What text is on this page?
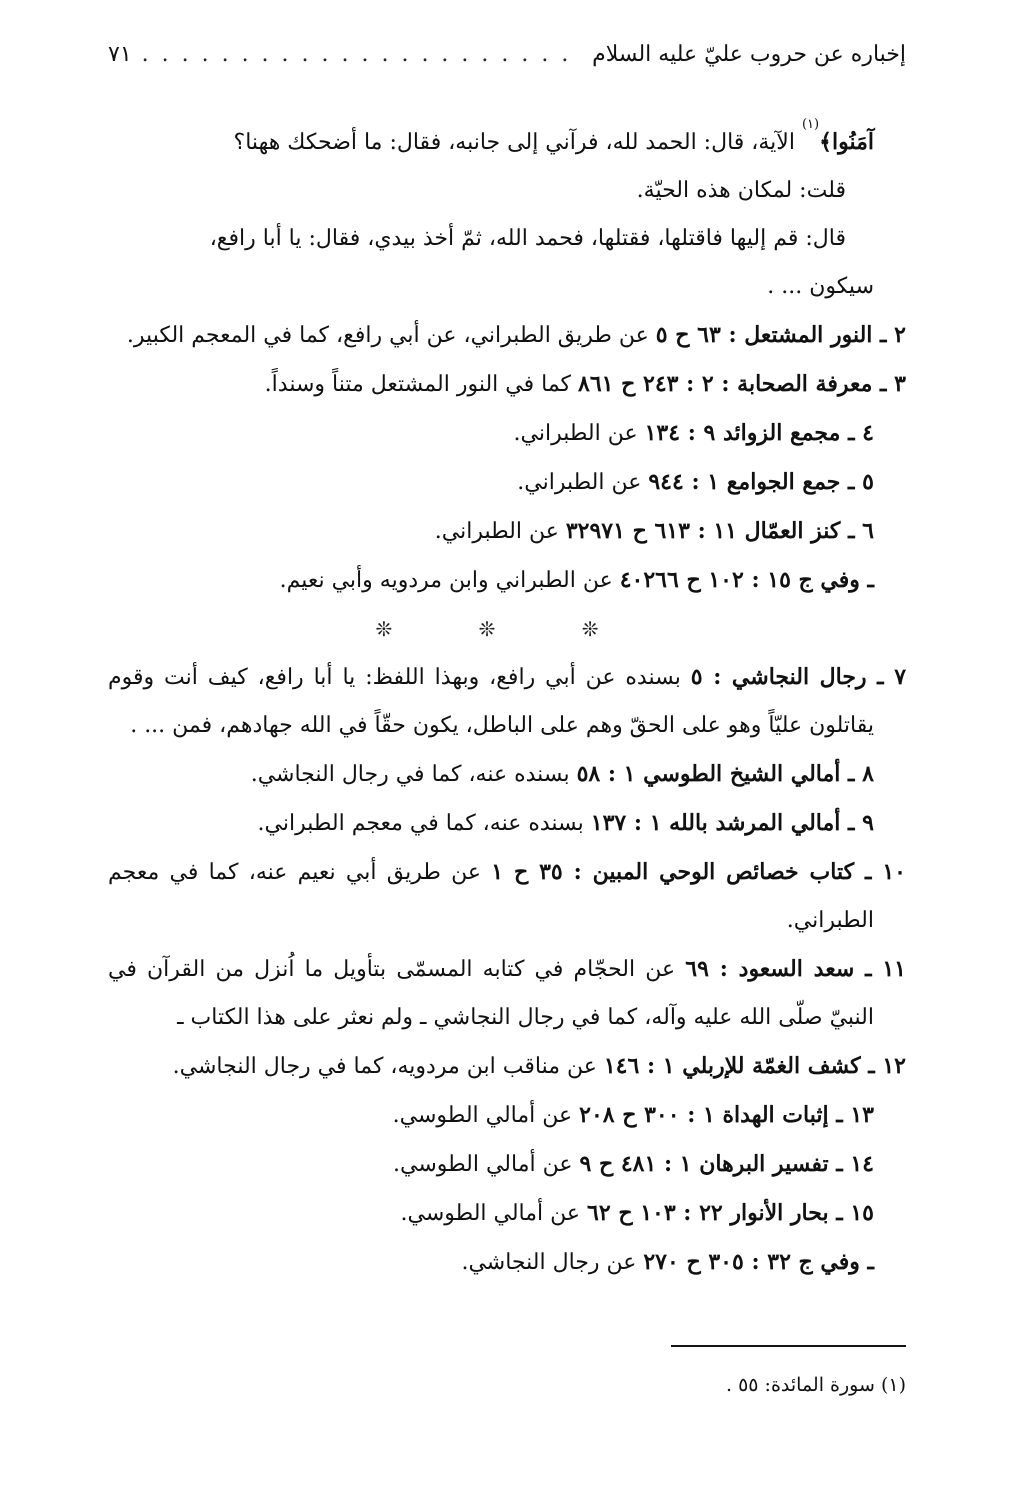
إخباره عن حروب عليّ عليه السلام
. . .
٧١
آمَنُوا﴾$^{(١)}$ الآية، قال: الحمد لله، فرآني إلى جانبه، فقال: ما أضحكك ههنا؟
قلت: لمكان هذه الحيّة.
قال: قم إليها فاقتلها، فقتلها، فحمد الله، ثمّ أخذ بيدي، فقال: يا أبا رافع،
سيكون ... .
٢ ـ النور المشتعل : ٦٣ ح ٥ عن طريق الطبراني، عن أبي رافع، كما في المعجم الكبير.
٣ ـ معرفة الصحابة : ٢ : ٢٤٣ ح ٨٦١ كما في النور المشتعل متناً وسنداً.
٤ ـ مجمع الزوائد ٩ : ١٣٤ عن الطبراني.
٥ ـ جمع الجوامع ١ : ٩٤٤ عن الطبراني.
٦ ـ كنز العمّال ١١ : ٦١٣ ح ٣٢٩٧١ عن الطبراني.
ـ وفي ج ١٥ : ١٠٢ ح ٤٠٢٦٦ عن الطبراني وابن مردويه وأبي نعيم.
❊ ❊ ❊
٧ ـ رجال النجاشي : ٥ بسنده عن أبي رافع، وبهذا اللفظ: يا أبا رافع، كيف أنت وقوم يقاتلون عليّاً وهو على الحقّ وهم على الباطل، يكون حقّاً في الله جهادهم، فمن ... .
٨ ـ أمالي الشيخ الطوسي ١ : ٥٨ بسنده عنه، كما في رجال النجاشي.
٩ ـ أمالي المرشد بالله ١ : ١٣٧ بسنده عنه، كما في معجم الطبراني.
١٠ ـ كتاب خصائص الوحي المبين : ٣٥ ح ١ عن طريق أبي نعيم عنه، كما في معجم الطبراني.
١١ ـ سعد السعود : ٦٩ عن الحجّام في كتابه المسمّى بتأويل ما اُنزل من القرآن في النبيّ صلّى الله عليه وآله، كما في رجال النجاشي ـ ولم نعثر على هذا الكتاب ـ
١٢ ـ كشف الغمّة للإربلي ١ : ١٤٦ عن مناقب ابن مردويه، كما في رجال النجاشي.
١٣ ـ إثبات الهداة ١ : ٣٠٠ ح ٢٠٨ عن أمالي الطوسي.
١٤ ـ تفسير البرهان ١ : ٤٨١ ح ٩ عن أمالي الطوسي.
١٥ ـ بحار الأنوار ٢٢ : ١٠٣ ح ٦٢ عن أمالي الطوسي.
ـ وفي ج ٣٢ : ٣٠٥ ح ٢٧٠ عن رجال النجاشي.
(١) سورة المائدة: ٥٥ .
